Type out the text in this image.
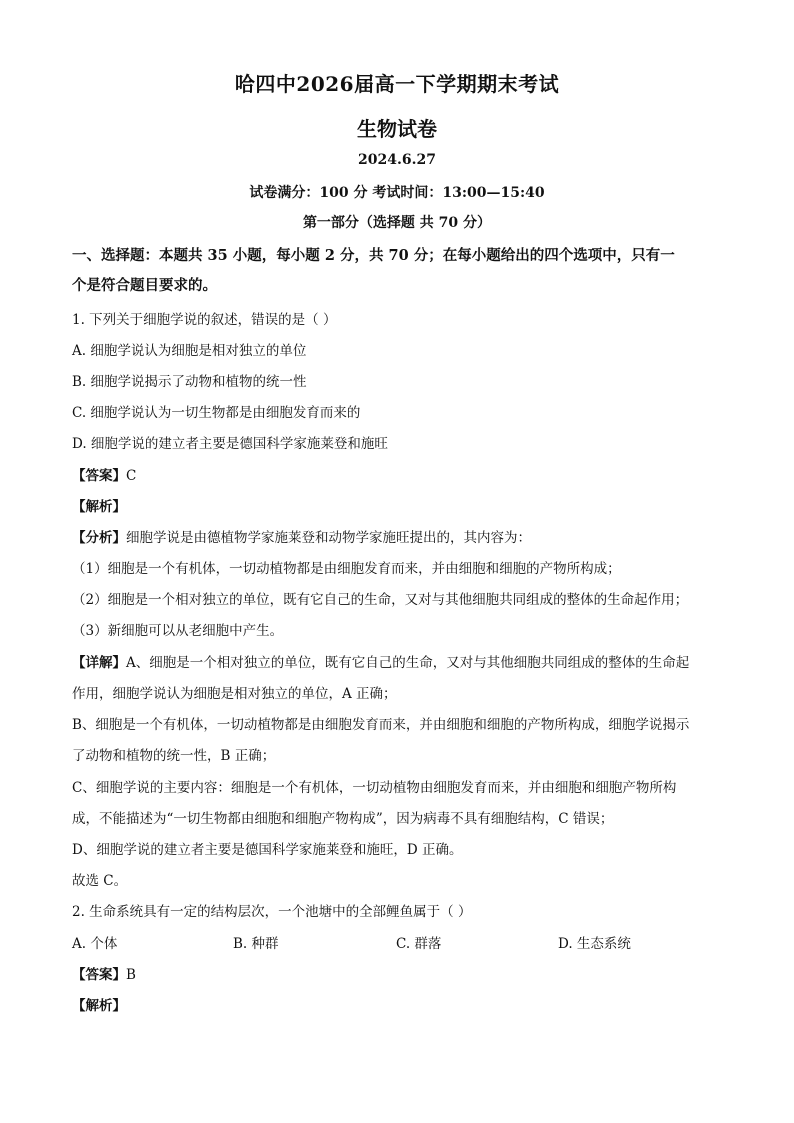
哈四中2026届高一下学期期末考试
生物试卷
2024.6.27
试卷满分：100 分 考试时间：13:00—15:40
第一部分（选择题 共 70 分）
一、选择题：本题共 35 小题，每小题 2 分，共 70 分；在每小题给出的四个选项中，只有一
个是符合题目要求的。
1. 下列关于细胞学说的叙述，错误的是（ ）
A. 细胞学说认为细胞是相对独立的单位
B. 细胞学说揭示了动物和植物的统一性
C. 细胞学说认为一切生物都是由细胞发育而来的
D. 细胞学说的建立者主要是德国科学家施莱登和施旺
【答案】C
【解析】
【分析】细胞学说是由德植物学家施莱登和动物学家施旺提出的，其内容为：
（1）细胞是一个有机体，一切动植物都是由细胞发育而来，并由细胞和细胞的产物所构成；
（2）细胞是一个相对独立的单位，既有它自己的生命，又对与其他细胞共同组成的整体的生命起作用；
（3）新细胞可以从老细胞中产生。
【详解】A、细胞是一个相对独立的单位，既有它自己的生命，又对与其他细胞共同组成的整体的生命起
作用，细胞学说认为细胞是相对独立的单位，A 正确；
B、细胞是一个有机体，一切动植物都是由细胞发育而来，并由细胞和细胞的产物所构成，细胞学说揭示
了动物和植物的统一性，B 正确；
C、细胞学说的主要内容：细胞是一个有机体，一切动植物由细胞发育而来，并由细胞和细胞产物所构
成，不能描述为“一切生物都由细胞和细胞产物构成”，因为病毒不具有细胞结构，C 错误；
D、细胞学说的建立者主要是德国科学家施莱登和施旺，D 正确。
故选 C。
2. 生命系统具有一定的结构层次，一个池塘中的全部鲤鱼属于（ ）
A. 个体	B. 种群	C. 群落	D. 生态系统
【答案】B
【解析】
